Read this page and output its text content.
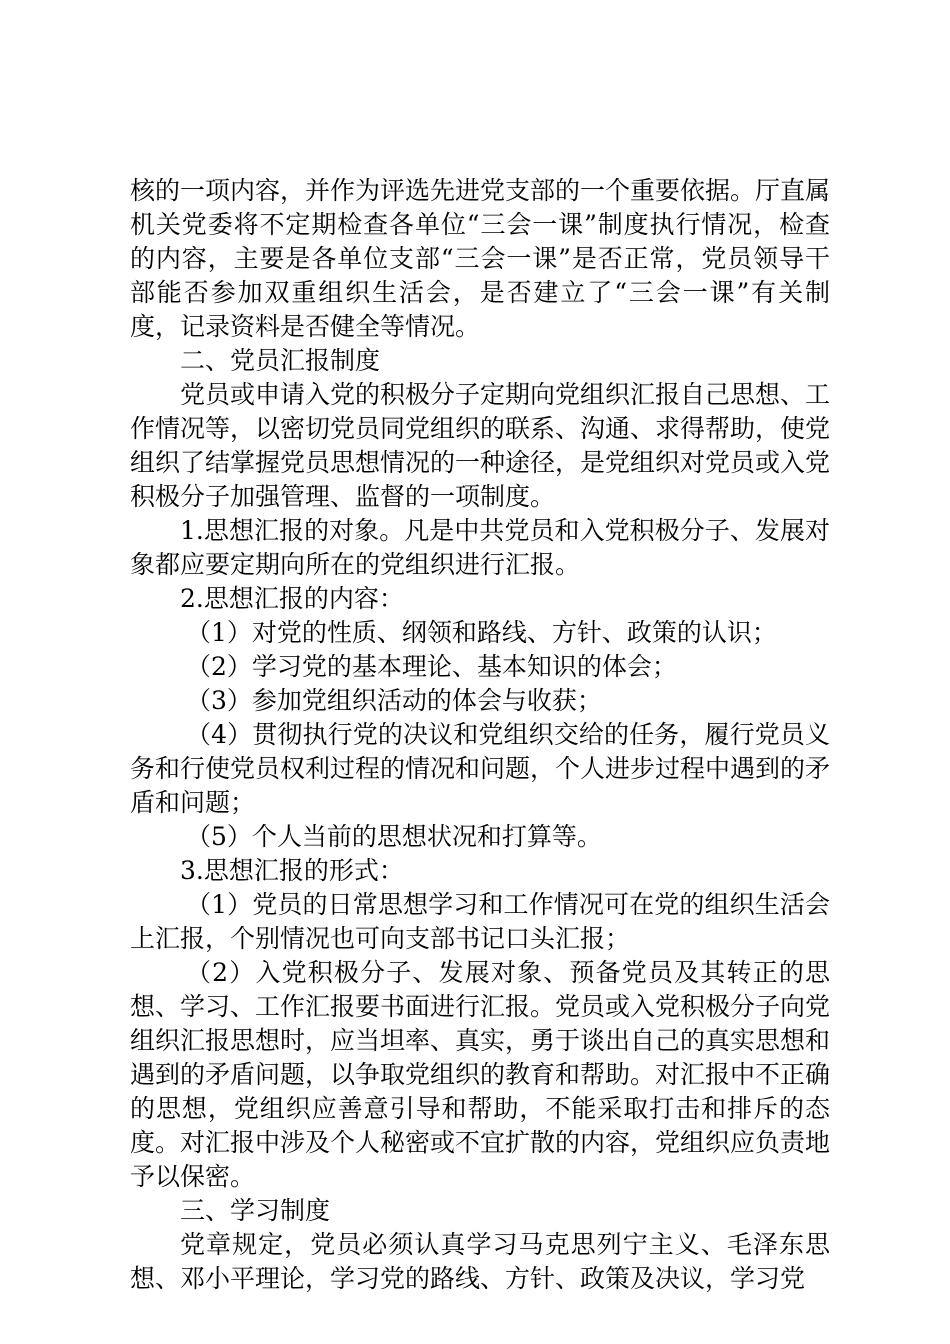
核的一项内容，并作为评选先进党支部的一个重要依据。厅直属机关党委将不定期检查各单位“三会一课”制度执行情况，检查的内容，主要是各单位支部“三会一课”是否正常，党员领导干部能否参加双重组织生活会，是否建立了“三会一课”有关制度，记录资料是否健全等情况。

二、党员汇报制度

党员或申请入党的积极分子定期向党组织汇报自己思想、工作情况等，以密切党员同党组织的联系、沟通、求得帮助，使党组织了结掌握党员思想情况的一种途径，是党组织对党员或入党积极分子加强管理、监督的一项制度。

1.思想汇报的对象。凡是中共党员和入党积极分子、发展对象都应要定期向所在的党组织进行汇报。

2.思想汇报的内容：

（1）对党的性质、纲领和路线、方针、政策的认识；

（2）学习党的基本理论、基本知识的体会；

（3）参加党组织活动的体会与收获；

（4）贯彻执行党的决议和党组织交给的任务，履行党员义务和行使党员权利过程的情况和问题，个人进步过程中遇到的矛盾和问题；

（5）个人当前的思想状况和打算等。

3.思想汇报的形式：

（1）党员的日常思想学习和工作情况可在党的组织生活会上汇报，个别情况也可向支部书记口头汇报；

（2）入党积极分子、发展对象、预备党员及其转正的思想、学习、工作汇报要书面进行汇报。党员或入党积极分子向党组织汇报思想时，应当坦率、真实，勇于谈出自己的真实思想和遇到的矛盾问题，以争取党组织的教育和帮助。对汇报中不正确的思想，党组织应善意引导和帮助，不能采取打击和排斥的态度。对汇报中涉及个人秘密或不宜扩散的内容，党组织应负责地予以保密。

三、学习制度

党章规定，党员必须认真学习马克思列宁主义、毛泽东思想、邓小平理论，学习党的路线、方针、政策及决议，学习党
